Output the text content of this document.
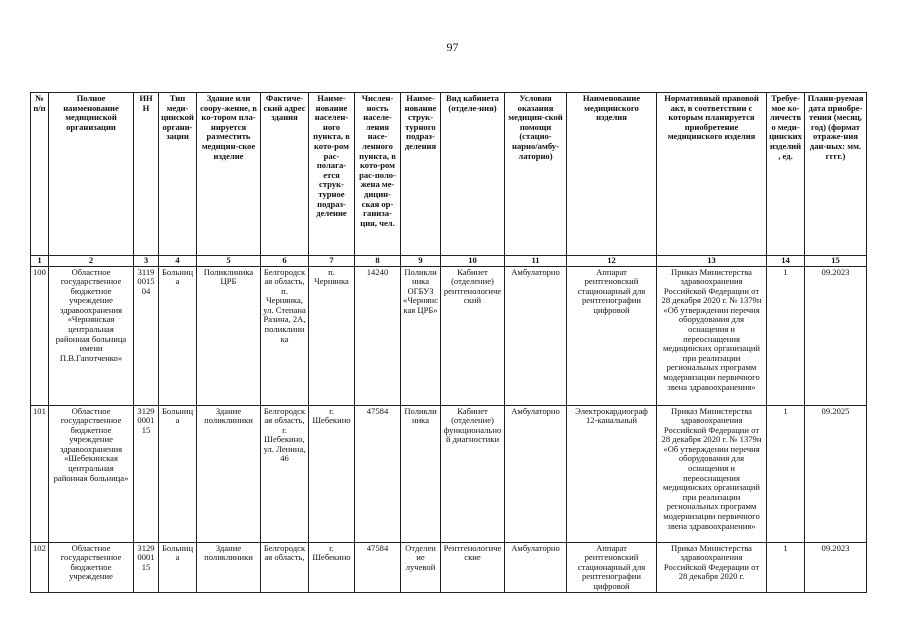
97
№ п/п	Полное наименование медицинской организации	ИНН	Тип меди-цинской органи-зации	Здание или соору-жение, в ко-тором пла-нируется разместить медицин-ское изделие	Фактиче-ский адрес здания	Наиме-нование населен-ного пункта, в кото-ром рас-полага-ется струк-турное подраз-деление	Числен-ность населе-ления насе-ленного пункта, в кото-ром рас-поло-жена ме-дицин-ская ор-ганиза-ция, чел.	Наиме-нование струк-турного подраз-деления	Вид кабинета (отделе-ния)	Условия оказания медицин-ской помощи (стацио-нарно/амбу-латорно)	Наименование медицинского изделия	Нормативный правовой акт, в соответствии с которым планируется приобретение медицинского изделия	Требуе-мое ко-личество меди-цинских изделий, ед.	Плани-руемая дата приобре-тения (месяц, год) (формат отраже-ния дан-ных: мм. гггг.)
1	2	3	4	5	6	7	8	9	10	11	12	13	14	15
100	Областное государственное бюджетное учреждение здравоохранения «Чернянская центральная районная больница имени П.В.Гапотченко»	3119001504	Больница	Поликлиника ЦРБ	Белгородская область, п. Чернянка, ул. Степана Разина, 2А, поликлиника	п. Чернянка	14240	Поликлиника ОГБУЗ «Чернянская ЦРБ»	Кабинет (отделение) рентгенологический	Амбулаторно	Аппарат рентгеновский стационарный для рентгенографии цифровой	Приказ Министерства здравоохранения Российской Федерации от 28 декабря 2020 г. № 1379н «Об утверждении перечня оборудования для оснащения и переоснащения медицинских организаций при реализации региональных программ модернизации первичного звена здравоохранения»	1	09.2023
101	Областное государственное бюджетное учреждение здравоохранения «Шебекинская центральная районная больница»	3129000115	Больница	Здание поликлиники	Белгородская область, г. Шебекино, ул. Ленина, 46	г. Шебекино	47584	Поликлиника	Кабинет (отделение) функциональной диагностики	Амбулаторно	Электрокардиограф 12-канальный	Приказ Министерства здравоохранения Российской Федерации от 28 декабря 2020 г. № 1379н «Об утверждении перечня оборудования для оснащения и переоснащения медицинских организаций при реализации региональных программ модернизации первичного звена здравоохранения»	1	09.2025
102	Областное государственное бюджетное учреждение	3129000115	Больница	Здание поликлиники	Белгородская область,	г. Шебекино	47584	Отделение лучевой	Рентгенологические	Амбулаторно	Аппарат рентгеновский стационарный для рентгенографии цифровой	Приказ Министерства здравоохранения Российской Федерации от 28 декабря 2020 г.	1	09.2023
